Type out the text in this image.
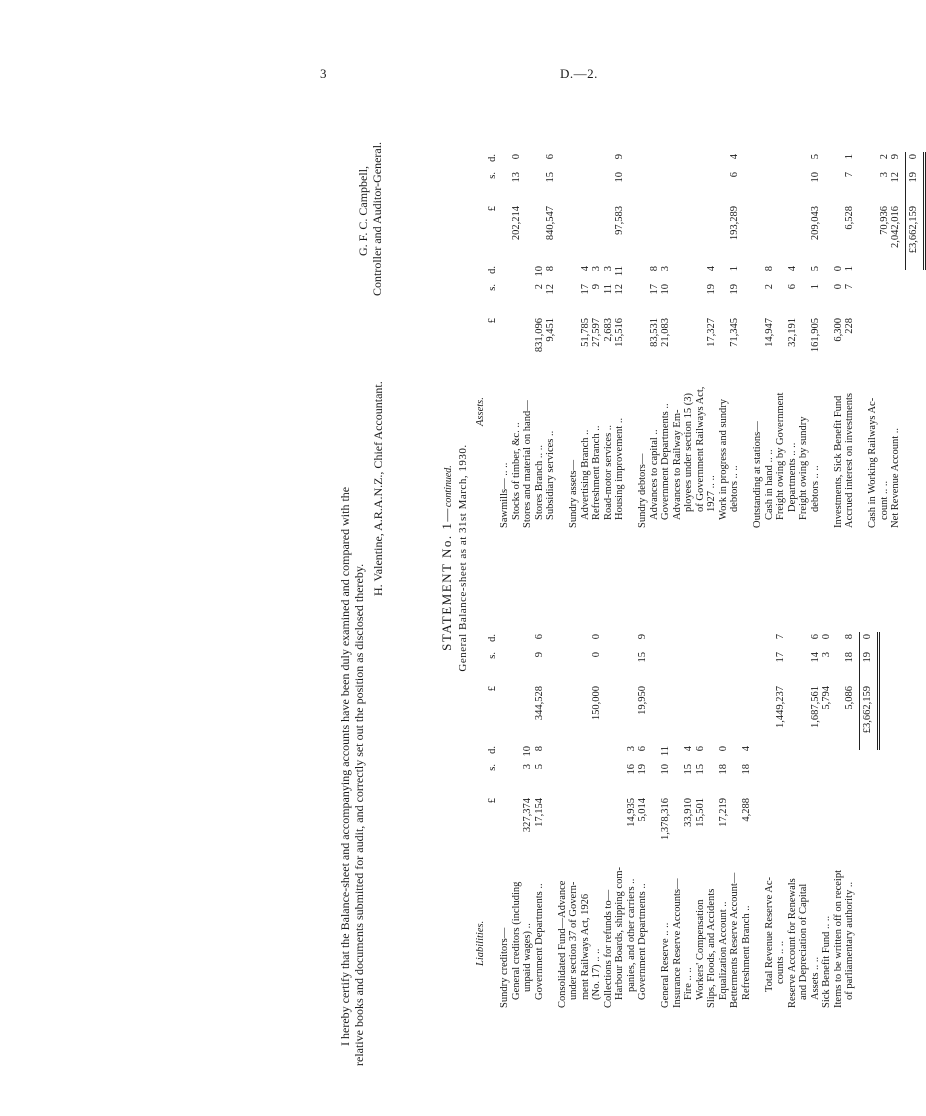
3	D.—2.
STATEMENT No. 1—continued. General Balance-sheet as at 31st March, 1930.
Liabilities.
Assets.
£
s.
d.
£
s.
d.
Sundry creditors— General creditors (including unpaid wages) ..
327,374
3
10
Government Departments ..
17,154
5
8
344,528
9
6
Consolidated Fund—Advance under section 37 of Govern- ment Railways Act, 1926 (No. 17) .. ..
150,000
0
0
Collections for refunds to— Harbour Boards, shipping com- panies, and other carriers ..
14,935
16
3
Government Departments ..
5,014
19
6
19,950
15
9
General Reserve .. ..
1,378,316
10
11
Insurance Reserve Accounts— Fire .. ..
33,910
15
4
Workers' Compensation
15,501
15
6
Slips, Floods, and Accidents Equalization Account ..
17,219
18
0
Betterments Reserve Account— Refreshment Branch ..
4,288
18
4
Total Revenue Reserve Ac- counts .. ..
1,449,237
17
7
Reserve Account for Renewals and Depreciation of Capital Assets .. ..
1,687,561
14
6
Sick Benefit Fund .. ..
5,794
3
0
Items to be written off on receipt of parliamentary authority ..
5,086
18
8
£3,662,159
19
0
£
s.
d.
£
s.
d.
Sawmills— .. .. Stocks of timber, &c. ..
202,214
13
0
Stores and material on hand— Stores Branch .. ..
831,096
2
10
Subsidiary services ..
9,451
12
8
840,547
15
6
Sundry assets— Advertising Branch ..
51,785
17
4
Refreshment Branch ..
27,597
9
3
Road-motor services ..
2,683
11
3
Housing improvement ..
15,516
12
11
97,583
10
9
Sundry debtors— Advances to capital ..
83,531
17
8
Government Departments ..
21,083
10
3
Advances to Railway Em- ployees under section 15 (3) of Government Railways Act, 1927 .. ..
17,327
19
4
Work in progress and sundry debtors .. ..
71,345
19
1
193,289
6
4
Outstanding at stations— Cash in hand .. ..
14,947
2
8
Freight owing by Government Departments .. ..
32,191
6
4
Freight owing by sundry debtors .. ..
161,905
1
5
209,043
10
5
Investments, Sick Benefit Fund
6,300
0
0
Accrued interest on investments
228
7
1
6,528
7
1
Cash in Working Railways Ac- count .. ..
70,936
3
2
Net Revenue Account ..
2,042,016
12
9
£3,662,159
19
0
I hereby certify that the Balance-sheet and accompanying accounts have been duly examined and compared with the relative books and documents submitted for audit, and correctly set out the position as disclosed thereby.
H. Valentine, A.R.A.N.Z., Chief Accountant.
G. F. C. Campbell, Controller and Auditor-General.
